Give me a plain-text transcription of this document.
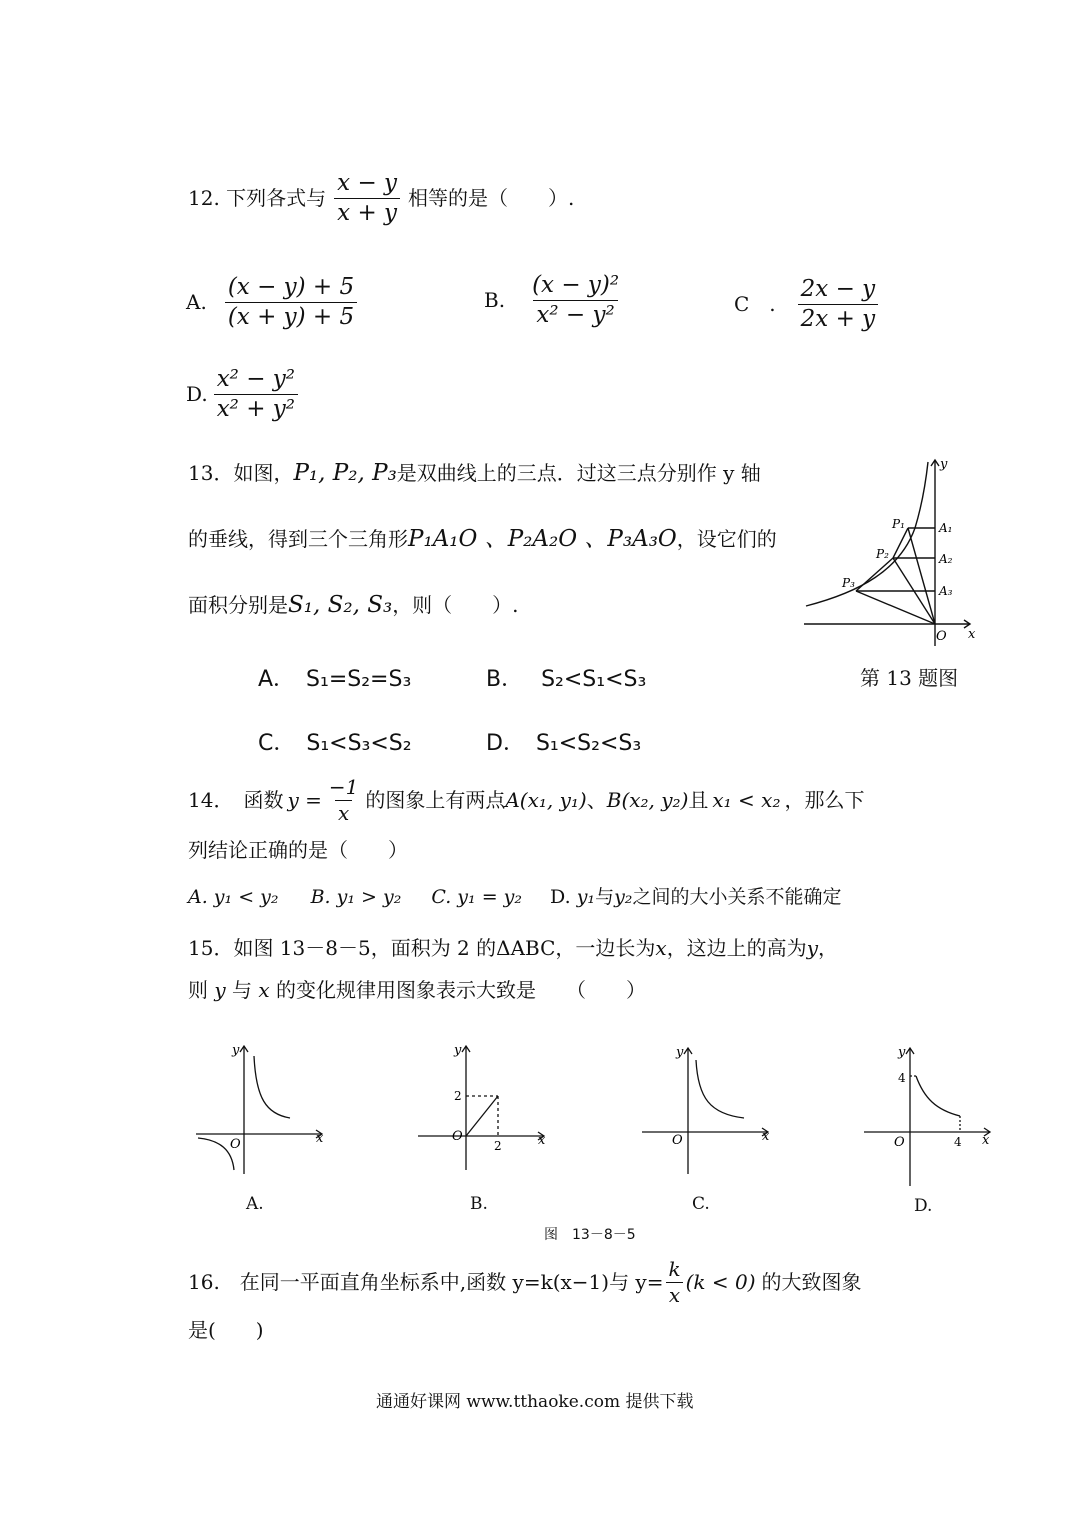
12. 下列各式与 $\frac{x - y}{x + y}$ 相等的是（　　）.
A. $\frac{(x - y) + 5}{(x + y) + 5}$	B. $\frac{\text{(x − y)²}}{\text{x² − y²}}$	C　. $\frac{2x - y}{2x + y}$
D. $\frac{\text{x² − y²}}{\text{x² + y²}}$
13．如图，P₁, P₂, P₃是双曲线上的三点．过这三点分别作 y 轴
的垂线，得到三个三角形P₁A₁O 、P₂A₂O 、P₃A₃O，设它们的
面积分别是S₁, S₂, S₃，则（　　）.
A．　S₁=S₂=S₃	B．　 S₂<S₁<S₃
C．　S₁<S₃<S₂	D．　S₁<S₂<S₃
y
x
O
P₁
P₂
P₃
A₁
A₂
A₃
第 13 题图
14．　函数 $y = \frac{-1}{x}$ 的图象上有两点 A(x₁, y₁) 、 B(x₂, y₂) 且 x₁ < x₂ ，那么下
列结论正确的是（　　）
A. y₁ < y₂ B. y₁ > y₂ C. y₁ = y₂ D. y₁与y₂之间的大小关系不能确定
15．如图 13－8－5，面积为 2 的ΔABC，一边长为x，这边上的高为y，
则 y 与 x 的变化规律用图象表示大致是　　（　　）
y
x
O
A.
y
x
O
2
2
B.
y
x
O
C.
y
x
O
4
4
D.
图　13－8－5
16.　在同一平面直角坐标系中,函数 y=k(x−1)与 $y= \frac{k}{x} (k < 0)$ 的大致图象
是(　　)
通通好课网 www.tthaoke.com 提供下载
